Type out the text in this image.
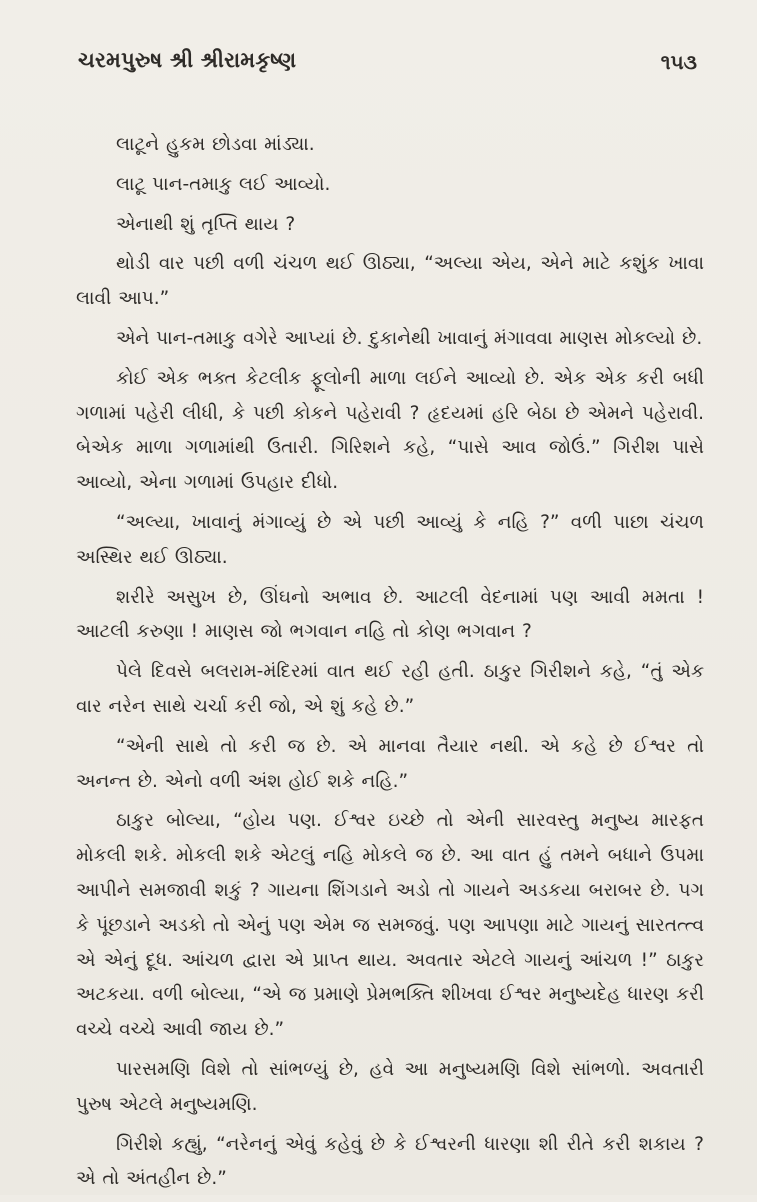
ચરમપુરુષ શ્રી શ્રીરામકૃષ્ણ	૧૫૩

લાટૂને હુકમ છોડવા માંડ્યા.

લાટૂ પાન-તમાકુ લઈ આવ્યો.

એનાથી શું તૃપ્તિ થાય ?

થોડી વાર પછી વળી ચંચળ થઈ ઊઠ્યા, “અલ્યા એય, એને માટે કશુંક ખાવા લાવી આપ.”

એને પાન-તમાકુ વગેરે આપ્યાં છે. દુકાનેથી ખાવાનું મંગાવવા માણસ મોકલ્યો છે.

કોઈ એક ભક્ત કેટલીક ફૂલોની માળા લઈને આવ્યો છે. એક એક કરી બધી ગળામાં પહેરી લીધી, કે પછી કોકને પહેરાવી ? હૃદયમાં હરિ બેઠા છે એમને પહેરાવી. બેએક માળા ગળામાંથી ઉતારી. ગિરિશને કહે, “પાસે આવ જોઉં.” ગિરીશ પાસે આવ્યો, એના ગળામાં ઉપહાર દીધો.

“અલ્યા, ખાવાનું મંગાવ્યું છે એ પછી આવ્યું કે નહિ ?” વળી પાછા ચંચળ અસ્થિર થઈ ઊઠ્યા.

શરીરે અસુખ છે, ઊંઘનો અભાવ છે. આટલી વેદનામાં પણ આવી મમતા ! આટલી કરુણા ! માણસ જો ભગવાન નહિ તો કોણ ભગવાન ?

પેલે દિવસે બલરામ-મંદિરમાં વાત થઈ રહી હતી. ઠાકુર ગિરીશને કહે, “તું એક વાર નરેન સાથે ચર્ચા કરી જો, એ શું કહે છે.”

“એની સાથે તો કરી જ છે. એ માનવા તૈયાર નથી. એ કહે છે ઈશ્વર તો અનન્ત છે. એનો વળી અંશ હોઈ શકે નહિ.”

ઠાકુર બોલ્યા, “હોય પણ. ઈશ્વર ઇચ્છે તો એની સારવસ્તુ મનુષ્ય મારફત મોકલી શકે. મોકલી શકે એટલું નહિ મોકલે જ છે. આ વાત હું તમને બધાને ઉપમા આપીને સમજાવી શકું ? ગાયના શિંગડાને અડો તો ગાયને અડકયા બરાબર છે. પગ કે પૂંછડાને અડકો તો એનું પણ એમ જ સમજવું. પણ આપણા માટે ગાયનું સારતત્ત્વ એ એનું દૂધ. આંચળ દ્વારા એ પ્રાપ્ત થાય. અવતાર એટલે ગાયનું આંચળ !” ઠાકુર અટકયા. વળી બોલ્યા, “એ જ પ્રમાણે પ્રેમભક્તિ શીખવા ઈશ્વર મનુષ્યદેહ ધારણ કરી વચ્ચે વચ્ચે આવી જાય છે.”

પારસમણિ વિશે તો સાંભળ્યું છે, હવે આ મનુષ્યમણિ વિશે સાંભળો. અવતારી પુરુષ એટલે મનુષ્યમણિ.

ગિરીશે કહ્યું, “નરેનનું એવું કહેવું છે કે ઈશ્વરની ધારણા શી રીતે કરી શકાય ? એ તો અંતહીન છે.”
